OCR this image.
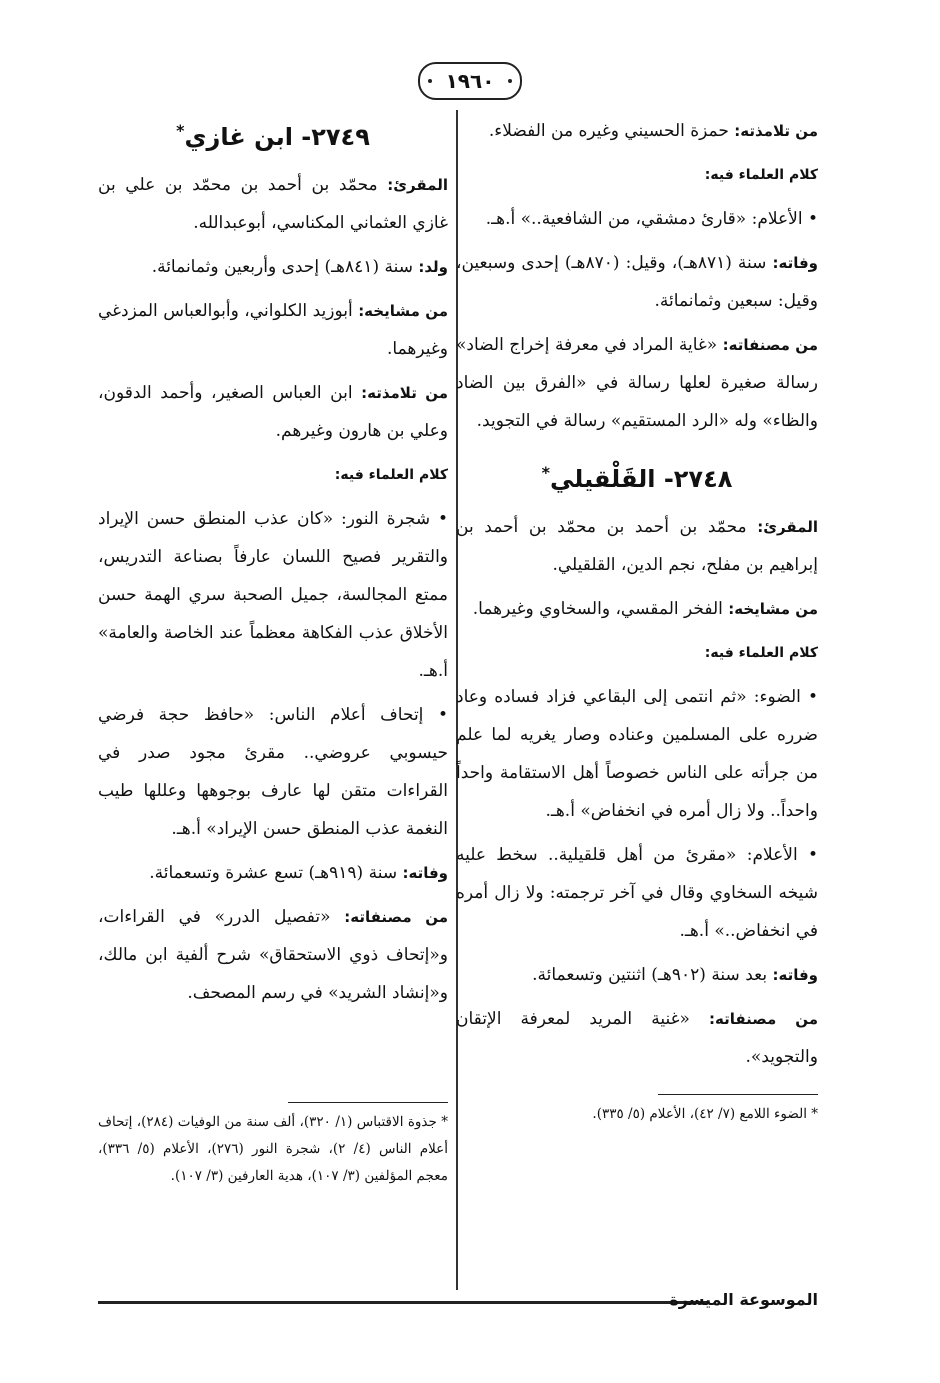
١٩٦٠

من تلامذته: حمزة الحسيني وغيره من الفضلاء.

كلام العلماء فيه:

• الأعلام: «قارئ دمشقي، من الشافعية..» أ.هـ.

وفاته: سنة (٨٧١هـ)، وقيل: (٨٧٠هـ) إحدى وسبعين، وقيل: سبعين وثمانمائة.

من مصنفاته: «غاية المراد في معرفة إخراج الضاد» رسالة صغيرة لعلها رسالة في «الفرق بين الضاد والظاء» وله «الرد المستقيم» رسالة في التجويد.

٢٧٤٨- القَلْقيلي*

المقرئ: محمّد بن أحمد بن محمّد بن أحمد بن إبراهيم بن مفلح، نجم الدين، القلقيلي.

من مشايخه: الفخر المقسي، والسخاوي وغيرهما.

كلام العلماء فيه:

• الضوء: «ثم انتمى إلى البقاعي فزاد فساده وعاد ضرره على المسلمين وعناده وصار يغريه لما علم من جرأته على الناس خصوصاً أهل الاستقامة واحداً واحداً.. ولا زال أمره في انخفاض» أ.هـ.

• الأعلام: «مقرئ من أهل قلقيلية.. سخط عليه شيخه السخاوي وقال في آخر ترجمته: ولا زال أمره في انخفاض..» أ.هـ.

وفاته: بعد سنة (٩٠٢هـ) اثنتين وتسعمائة.

من مصنفاته: «غنية المريد لمعرفة الإتقان والتجويد».

* الضوء اللامع (٧/ ٤٢)، الأعلام (٥/ ٣٣٥).
٢٧٤٩- ابن غازي*

المقرئ: محمّد بن أحمد بن محمّد بن علي بن غازي العثماني المكناسي، أبوعبدالله.

ولد: سنة (٨٤١هـ) إحدى وأربعين وثمانمائة.

من مشايخه: أبوزيد الكلواني، وأبوالعباس المزدغي وغيرهما.

من تلامذته: ابن العباس الصغير، وأحمد الدقون، وعلي بن هارون وغيرهم.

كلام العلماء فيه:

• شجرة النور: «كان عذب المنطق حسن الإيراد والتقرير فصيح اللسان عارفاً بصناعة التدريس، ممتع المجالسة، جميل الصحبة سري الهمة حسن الأخلاق عذب الفكاهة معظماً عند الخاصة والعامة» أ.هـ.

• إتحاف أعلام الناس: «حافظ حجة فرضي حيسوبي عروضي.. مقرئ مجود صدر في القراءات متقن لها عارف بوجوهها وعللها طيب النغمة عذب المنطق حسن الإيراد» أ.هـ.

وفاته: سنة (٩١٩هـ) تسع عشرة وتسعمائة.

من مصنفاته: «تفصيل الدرر» في القراءات، و«إتحاف ذوي الاستحقاق» شرح ألفية ابن مالك، و«إنشاد الشريد» في رسم المصحف.

* جذوة الاقتباس (١/ ٣٢٠)، ألف سنة من الوفيات (٢٨٤)، إتحاف أعلام الناس (٤/ ٢)، شجرة النور (٢٧٦)، الأعلام (٥/ ٣٣٦)، معجم المؤلفين (٣/ ١٠٧)، هدية العارفين (٣/ ١٠٧).
الموسوعة الميسرة
